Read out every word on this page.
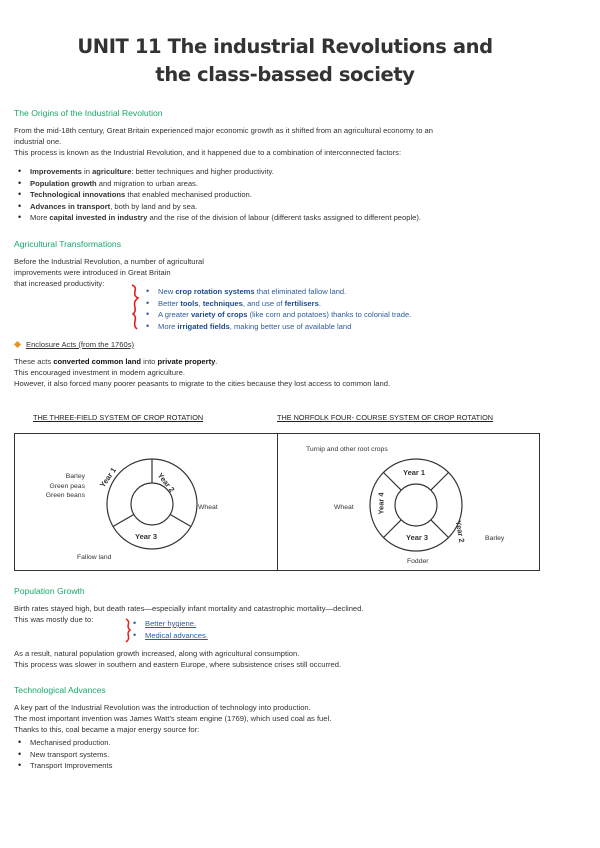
UNIT 11 The industrial Revolutions and
the class-bassed society
The Origins of the Industrial Revolution
From the mid-18th century, Great Britain experienced major economic growth as it shifted from an agricultural economy to an
industrial one.
This process is known as the Industrial Revolution, and it happened due to a combination of interconnected factors:
• Improvements in agriculture: better techniques and higher productivity.
• Population growth and migration to urban areas.
• Technological innovations that enabled mechanised production.
• Advances in transport, both by land and by sea.
• More capital invested in industry and the rise of the division of labour (different tasks assigned to different people).
Agricultural Transformations
Before the Industrial Revolution, a number of agricultural
improvements were introduced in Great Britain
that increased productivity:
• New crop rotation systems that eliminated fallow land.
• Better tools, techniques, and use of fertilisers.
• A greater variety of crops (like corn and potatoes) thanks to colonial trade.
• More irrigated fields, making better use of available land
Enclosure Acts (from the 1760s)
These acts converted common land into private property.
This encouraged investment in modern agriculture.
However, it also forced many poorer peasants to migrate to the cities because they lost access to common land.
THE THREE-FIELD SYSTEM OF CROP ROTATION	THE NORFOLK FOUR- COURSE SYSTEM OF CROP ROTATION
Year 1	Year 2
Year 3
Barley
Green peas
Green beans
Wheat
Fallow land
Turnip and other root crops
Year 1
Year 4
Year 2
Year 3
Wheat
Barley
Fodder
Population Growth
Birth rates stayed high, but death rates—especially infant mortality and catastrophic mortality—declined.
This was mostly due to:
•	Better hygiene.
• Medical advances.
As a result, natural population growth increased, along with agricultural consumption.
This process was slower in southern and eastern Europe, where subsistence crises still occurred.
Technological Advances
A key part of the Industrial Revolution was the introduction of technology into production.
The most important invention was James Watt's steam engine (1769), which used coal as fuel.
Thanks to this, coal became a major energy source for:
• Mechanised production.
• New transport systems.
• Transport Improvements
